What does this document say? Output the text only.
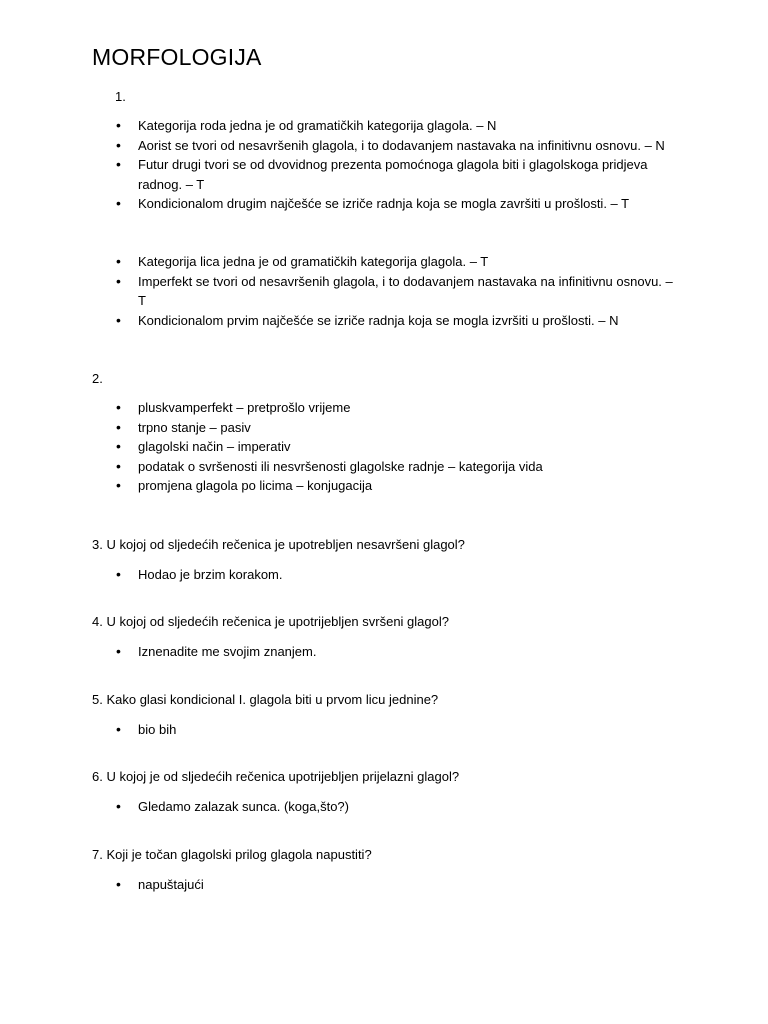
MORFOLOGIJA

1.

• Kategorija roda jedna je od gramatičkih kategorija glagola. – N
• Aorist se tvori od nesavršenih glagola, i to dodavanjem nastavaka na infinitivnu osnovu. – N
• Futur drugi tvori se od dvovidnog prezenta pomoćnoga glagola biti i glagolskoga pridjeva radnog. – T
• Kondicionalom drugim najčešće se izriče radnja koja se mogla završiti u prošlosti. – T
• Kategorija lica jedna je od gramatičkih kategorija glagola. – T
• Imperfekt se tvori od nesavršenih glagola, i to dodavanjem nastavaka na infinitivnu osnovu. – T
• Kondicionalom prvim najčešće se izriče radnja koja se mogla izvršiti u prošlosti. – N

2.

• pluskvamperfekt – pretprošlo vrijeme
• trpno stanje – pasiv
• glagolski način – imperativ
• podatak o svršenosti ili nesvršenosti glagolske radnje – kategorija vida
• promjena glagola po licima – konjugacija

3. U kojoj od sljedećih rečenica je upotrebljen nesavršeni glagol?

• Hodao je brzim korakom.

4. U kojoj od sljedećih rečenica je upotrijebljen svršeni glagol?

• Iznenadite me svojim znanjem.

5. Kako glasi kondicional I. glagola biti u prvom licu jednine?

• bio bih

6. U kojoj je od sljedećih rečenica upotrijebljen prijelazni glagol?

• Gledamo zalazak sunca. (koga,što?)

7. Koji je točan glagolski prilog glagola napustiti?

• napuštajući
